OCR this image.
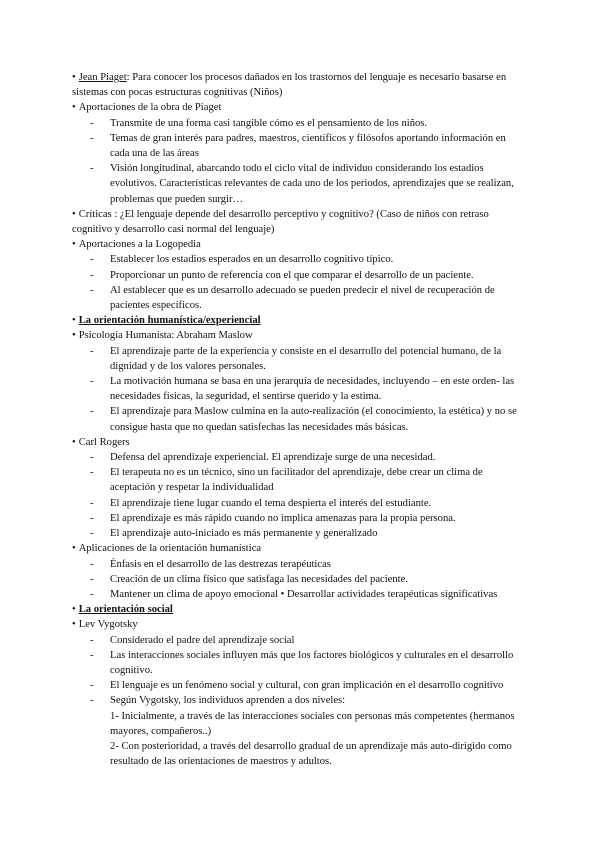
• Jean Piaget: Para conocer los procesos dañados en los trastornos del lenguaje es necesario basarse en sistemas con pocas estructuras cognitivas (Niños)
• Aportaciones de la obra de Piaget
- Transmite de una forma casi tangible cómo es el pensamiento de los niños.
- Temas de gran interés para padres, maestros, científicos y filósofos aportando información en cada una de las áreas
- Visión longitudinal, abarcando todo el ciclo vital de individuo considerando los estadios evolutivos. Características relevantes de cada uno de los periodos, aprendizajes que se realizan, problemas que pueden surgir…
• Críticas : ¿El lenguaje depende del desarrollo perceptivo y cognitivo? (Caso de niños con retraso cognitivo y desarrollo casi normal del lenguaje)
• Aportaciones a la Logopedia
- Establecer los estadios esperados en un desarrollo cognitivo típico.
- Proporcionar un punto de referencia con el que comparar el desarrollo de un paciente.
- Al establecer que es un desarrollo adecuado se pueden predecir el nivel de recuperación de pacientes específicos.
• La orientación humanística/experiencial
• Psicología Humanista: Abraham Maslow
- El aprendizaje parte de la experiencia y consiste en el desarrollo del potencial humano, de la dignidad y de los valores personales.
- La motivación humana se basa en una jerarquía de necesidades, incluyendo – en este orden- las necesidades físicas, la seguridad, el sentirse querido y la estima.
- El aprendizaje para Maslow culmina en la auto-realización (el conocimiento, la estética) y no se consigue hasta que no quedan satisfechas las necesidades más básicas.
• Carl Rogers
- Defensa del aprendizaje experiencial. El aprendizaje surge de una necesidad.
- El terapeuta no es un técnico, sino un facilitador del aprendizaje, debe crear un clima de aceptación y respetar la individualidad
- El aprendizaje tiene lugar cuando el tema despierta el interés del estudiante.
- El aprendizaje es más rápido cuando no implica amenazas para la propia persona.
- El aprendizaje auto-iniciado es más permanente y generalizado
• Aplicaciones de la orientación humanística
- Énfasis en el desarrollo de las destrezas terapéuticas
- Creación de un clima físico que satisfaga las necesidades del paciente.
- Mantener un clima de apoyo emocional • Desarrollar actividades terapéuticas significativas
• La orientación social
• Lev Vygotsky
- Considerado el padre del aprendizaje social
- Las interacciones sociales influyen más que los factores biológicos y culturales en el desarrollo cognitivo.
- El lenguaje es un fenómeno social y cultural, con gran implicación en el desarrollo cognitivo
- Según Vygotsky, los individuos aprenden a dos niveles:
1- Inicialmente, a través de las interacciones sociales con personas más competentes (hermanos mayores, compañeros..)
2- Con posterioridad, a través del desarrollo gradual de un aprendizaje más auto-dirigido como resultado de las orientaciones de maestros y adultos.
